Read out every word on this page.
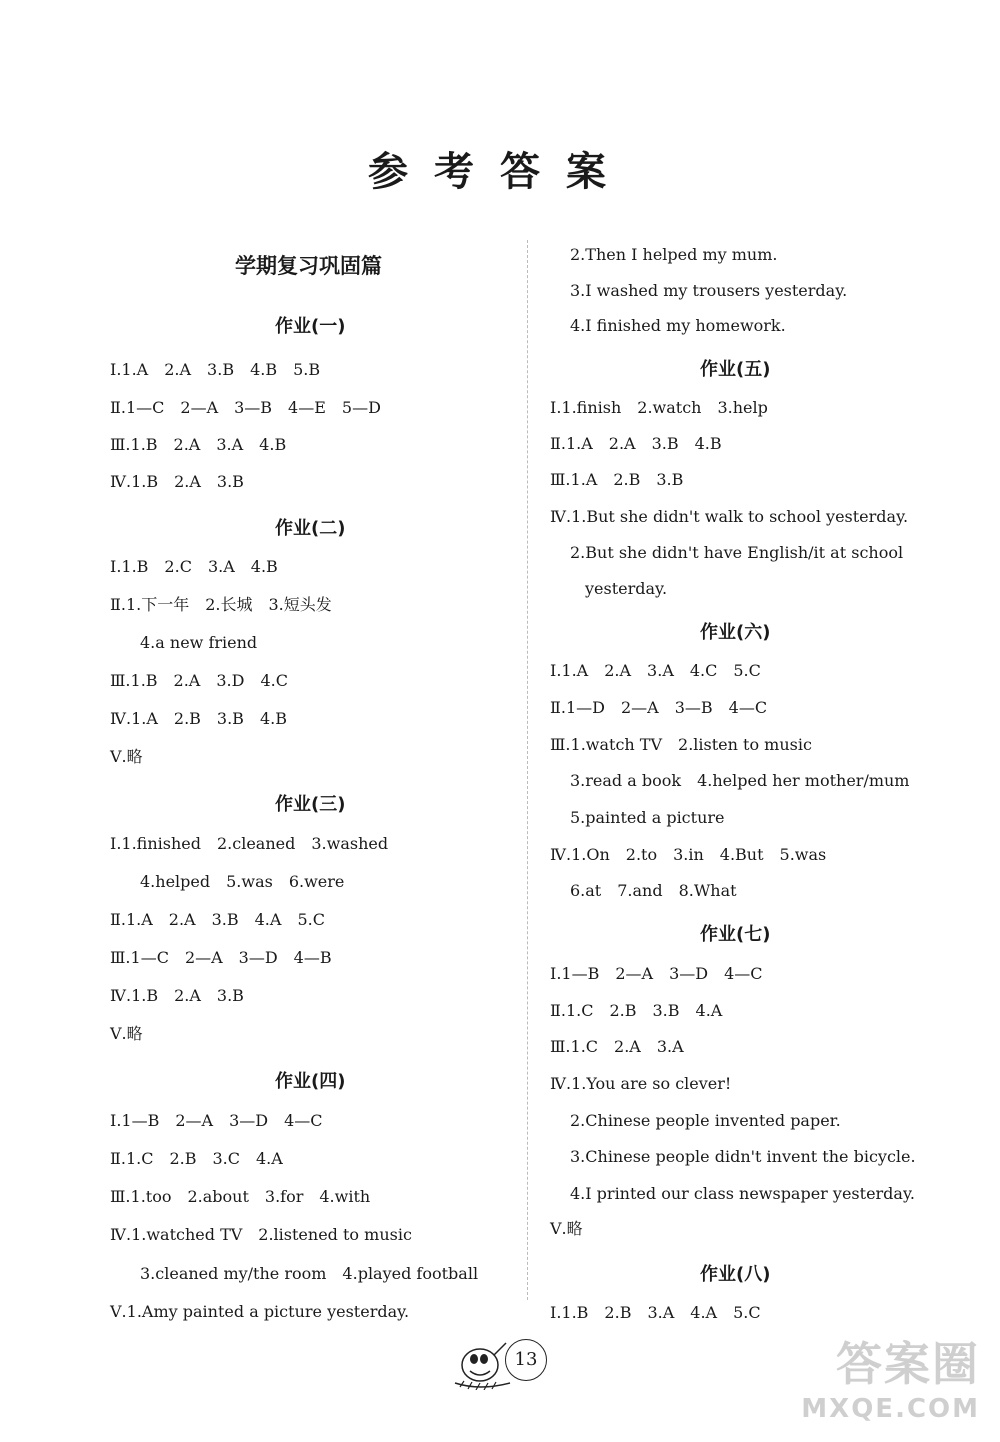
参考答案
学期复习巩固篇
作业(一)
Ⅰ.1.A　2.A　3.B　4.B　5.B
Ⅱ.1—C　2—A　3—B　4—E　5—D
Ⅲ.1.B　2.A　3.A　4.B
Ⅳ.1.B　2.A　3.B
作业(二)
Ⅰ.1.B　2.C　3.A　4.B
Ⅱ.1.下一年　2.长城　3.短头发
4.a new friend
Ⅲ.1.B　2.A　3.D　4.C
Ⅳ.1.A　2.B　3.B　4.B
Ⅴ.略
作业(三)
Ⅰ.1.finished　2.cleaned　3.washed
4.helped　5.was　6.were
Ⅱ.1.A　2.A　3.B　4.A　5.C
Ⅲ.1—C　2—A　3—D　4—B
Ⅳ.1.B　2.A　3.B
Ⅴ.略
作业(四)
Ⅰ.1—B　2—A　3—D　4—C
Ⅱ.1.C　2.B　3.C　4.A
Ⅲ.1.too　2.about　3.for　4.with
Ⅳ.1.watched TV　2.listened to music
3.cleaned my/the room　4.played football
Ⅴ.1.Amy painted a picture yesterday.
2.Then I helped my mum.
3.I washed my trousers yesterday.
4.I finished my homework.
作业(五)
Ⅰ.1.finish　2.watch　3.help
Ⅱ.1.A　2.A　3.B　4.B
Ⅲ.1.A　2.B　3.B
Ⅳ.1.But she didn't walk to school yesterday.
2.But she didn't have English/it at school
yesterday.
作业(六)
Ⅰ.1.A　2.A　3.A　4.C　5.C
Ⅱ.1—D　2—A　3—B　4—C
Ⅲ.1.watch TV　2.listen to music
3.read a book　4.helped her mother/mum
5.painted a picture
Ⅳ.1.On　2.to　3.in　4.But　5.was
6.at　7.and　8.What
作业(七)
Ⅰ.1—B　2—A　3—D　4—C
Ⅱ.1.C　2.B　3.B　4.A
Ⅲ.1.C　2.A　3.A
Ⅳ.1.You are so clever!
2.Chinese people invented paper.
3.Chinese people didn't invent the bicycle.
4.I printed our class newspaper yesterday.
Ⅴ.略
作业(八)
Ⅰ.1.B　2.B　3.A　4.A　5.C
13	答案圈
MXQE.COM
